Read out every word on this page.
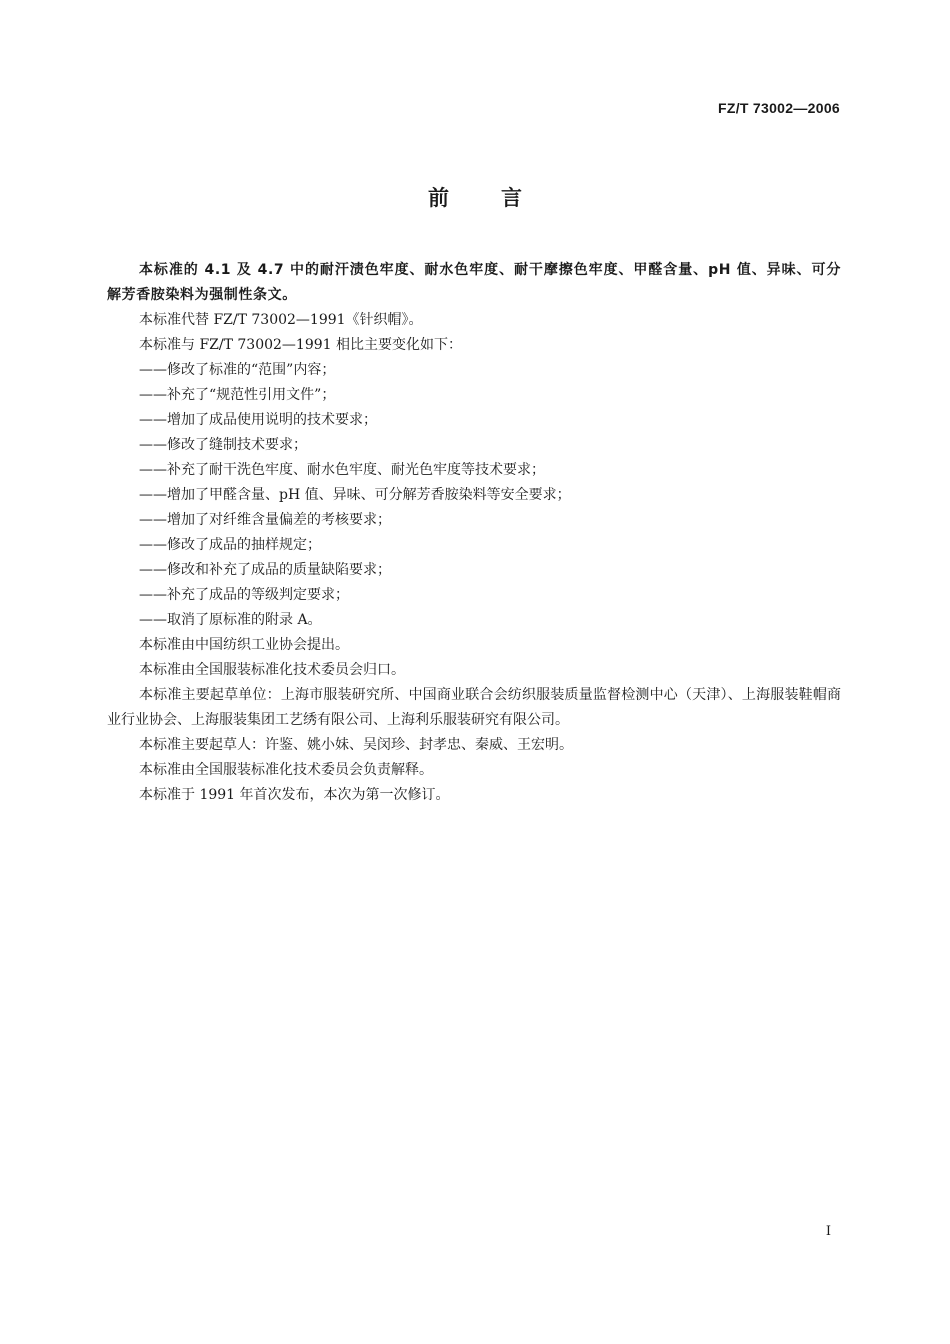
FZ/T 73002—2006
前言

本标准的 4.1 及 4.7 中的耐汗渍色牢度、耐水色牢度、耐干摩擦色牢度、甲醛含量、pH 值、异味、可分解芳香胺染料为强制性条文。

本标准代替 FZ/T 73002—1991《针织帽》。

本标准与 FZ/T 73002—1991 相比主要变化如下：

——修改了标准的“范围”内容；

——补充了“规范性引用文件”；

——增加了成品使用说明的技术要求；

——修改了缝制技术要求；

——补充了耐干洗色牢度、耐水色牢度、耐光色牢度等技术要求；

——增加了甲醛含量、pH 值、异味、可分解芳香胺染料等安全要求；

——增加了对纤维含量偏差的考核要求；

——修改了成品的抽样规定；

——修改和补充了成品的质量缺陷要求；

——补充了成品的等级判定要求；

——取消了原标准的附录 A。

本标准由中国纺织工业协会提出。

本标准由全国服装标准化技术委员会归口。

本标准主要起草单位：上海市服装研究所、中国商业联合会纺织服装质量监督检测中心（天津）、上海服装鞋帽商业行业协会、上海服装集团工艺绣有限公司、上海利乐服装研究有限公司。

本标准主要起草人：许鉴、姚小妹、吴闵珍、封孝忠、秦威、王宏明。

本标准由全国服装标准化技术委员会负责解释。

本标准于 1991 年首次发布，本次为第一次修订。

I
